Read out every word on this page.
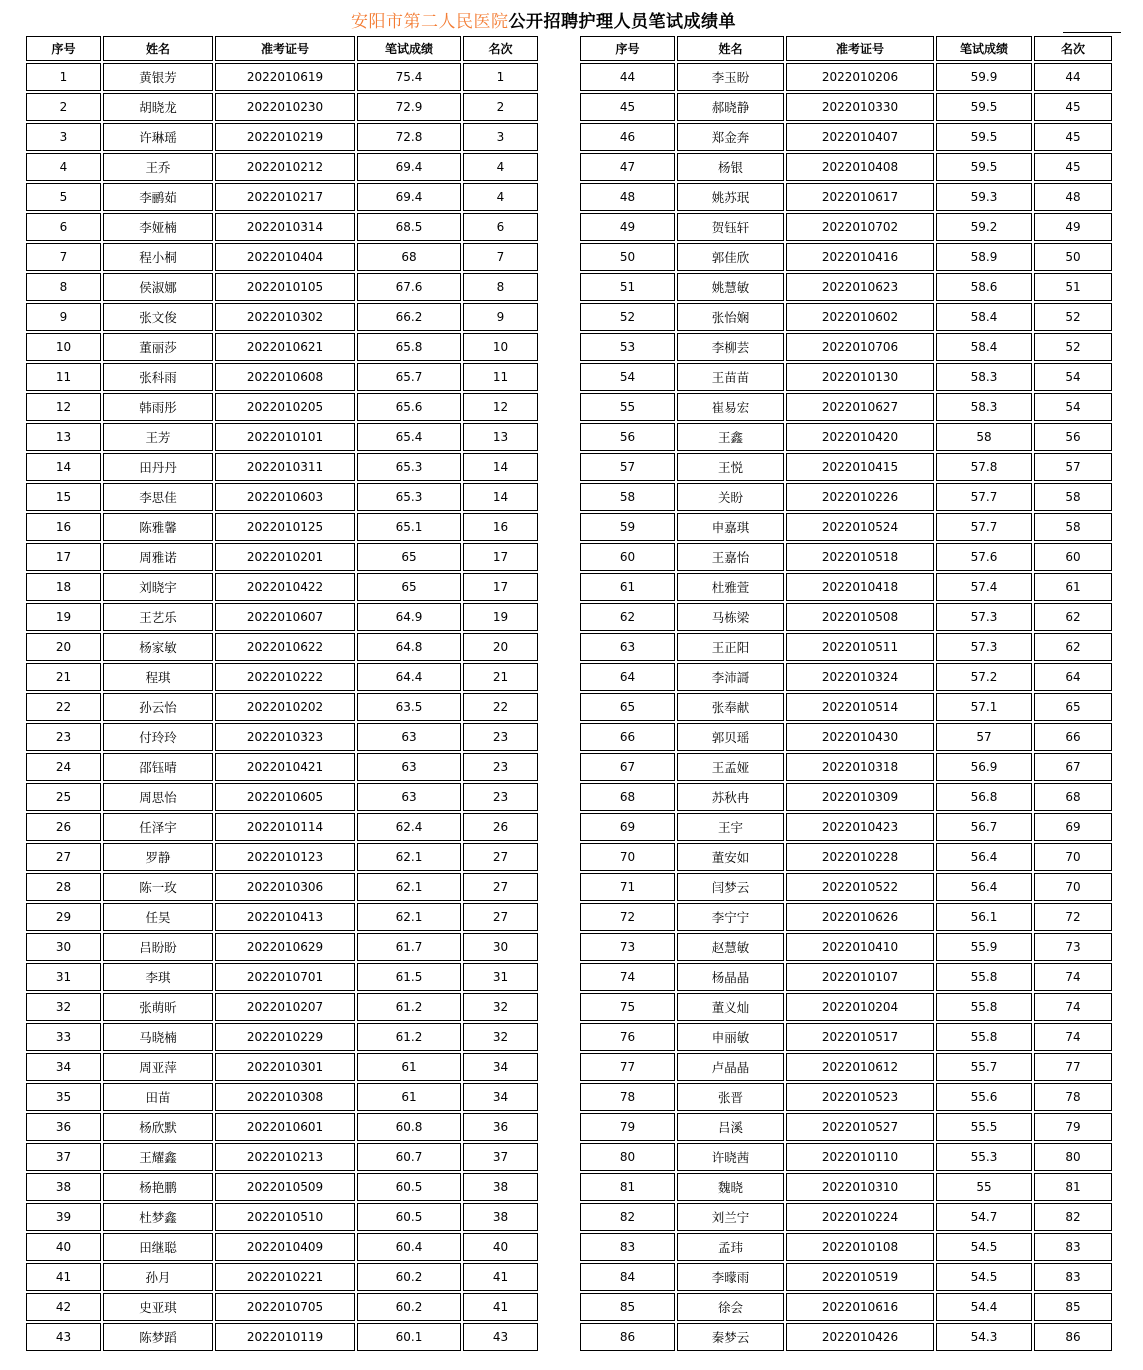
安阳市第二人民医院公开招聘护理人员笔试成绩单
序号	姓名	准考证号	笔试成绩	名次
1	黄银芳	2022010619	75.4	1
2	胡晓龙	2022010230	72.9	2
3	许琳瑶	2022010219	72.8	3
4	王乔	2022010212	69.4	4
5	李鹂茹	2022010217	69.4	4
6	李娅楠	2022010314	68.5	6
7	程小桐	2022010404	68	7
8	侯淑娜	2022010105	67.6	8
9	张文俊	2022010302	66.2	9
10	董丽莎	2022010621	65.8	10
11	张科雨	2022010608	65.7	11
12	韩雨彤	2022010205	65.6	12
13	王芳	2022010101	65.4	13
14	田丹丹	2022010311	65.3	14
15	李思佳	2022010603	65.3	14
16	陈雅馨	2022010125	65.1	16
17	周雅诺	2022010201	65	17
18	刘晓宇	2022010422	65	17
19	王艺乐	2022010607	64.9	19
20	杨家敏	2022010622	64.8	20
21	程琪	2022010222	64.4	21
22	孙云怡	2022010202	63.5	22
23	付玲玲	2022010323	63	23
24	邵钰晴	2022010421	63	23
25	周思怡	2022010605	63	23
26	任泽宇	2022010114	62.4	26
27	罗静	2022010123	62.1	27
28	陈一玫	2022010306	62.1	27
29	任昊	2022010413	62.1	27
30	吕盼盼	2022010629	61.7	30
31	李琪	2022010701	61.5	31
32	张萌昕	2022010207	61.2	32
33	马晓楠	2022010229	61.2	32
34	周亚萍	2022010301	61	34
35	田苗	2022010308	61	34
36	杨欣默	2022010601	60.8	36
37	王耀鑫	2022010213	60.7	37
38	杨艳鹏	2022010509	60.5	38
39	杜梦鑫	2022010510	60.5	38
40	田继聪	2022010409	60.4	40
41	孙月	2022010221	60.2	41
42	史亚琪	2022010705	60.2	41
43	陈梦蹈	2022010119	60.1	43
序号	姓名	准考证号	笔试成绩	名次
44	李玉盼	2022010206	59.9	44
45	郝晓静	2022010330	59.5	45
46	郑金奔	2022010407	59.5	45
47	杨银	2022010408	59.5	45
48	姚苏珉	2022010617	59.3	48
49	贺钰轩	2022010702	59.2	49
50	郭佳欣	2022010416	58.9	50
51	姚慧敏	2022010623	58.6	51
52	张怡娴	2022010602	58.4	52
53	李柳芸	2022010706	58.4	52
54	王苗苗	2022010130	58.3	54
55	崔易宏	2022010627	58.3	54
56	王鑫	2022010420	58	56
57	王悦	2022010415	57.8	57
58	关盼	2022010226	57.7	58
59	申嘉琪	2022010524	57.7	58
60	王嘉怡	2022010518	57.6	60
61	杜雅萱	2022010418	57.4	61
62	马栋梁	2022010508	57.3	62
63	王正阳	2022010511	57.3	62
64	李沛謌	2022010324	57.2	64
65	张奉献	2022010514	57.1	65
66	郭贝瑶	2022010430	57	66
67	王孟娅	2022010318	56.9	67
68	苏秋冉	2022010309	56.8	68
69	王宇	2022010423	56.7	69
70	董安如	2022010228	56.4	70
71	闫梦云	2022010522	56.4	70
72	李宁宁	2022010626	56.1	72
73	赵慧敏	2022010410	55.9	73
74	杨晶晶	2022010107	55.8	74
75	董义灿	2022010204	55.8	74
76	申丽敏	2022010517	55.8	74
77	卢晶晶	2022010612	55.7	77
78	张晋	2022010523	55.6	78
79	吕溪	2022010527	55.5	79
80	许晓茜	2022010110	55.3	80
81	魏晓	2022010310	55	81
82	刘兰宁	2022010224	54.7	82
83	孟玮	2022010108	54.5	83
84	李曚雨	2022010519	54.5	83
85	徐会	2022010616	54.4	85
86	秦梦云	2022010426	54.3	86
